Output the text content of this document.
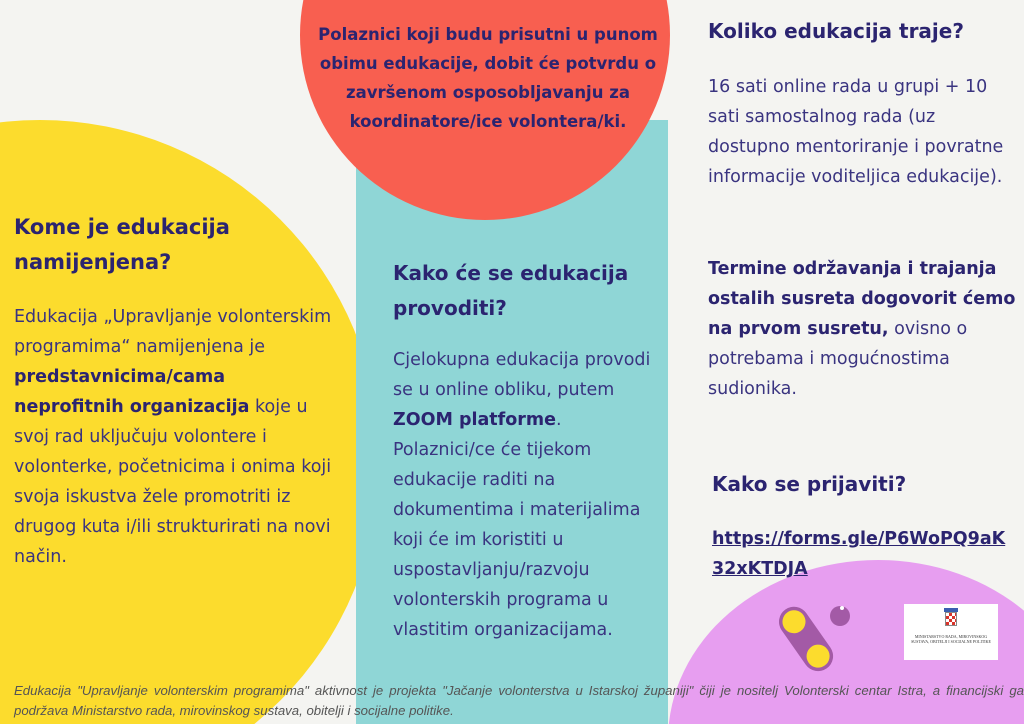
Polaznici koji budu prisutni u punom obimu edukacije, dobit će potvrdu o završenom osposobljavanju za koordinatore/ice volontera/ki.
Kome je edukacija namijenjena?
Edukacija „Upravljanje volonterskim programima“ namijenjena je predstavnicima/cama neprofitnih organizacija koje u svoj rad uključuju volontere i volonterke, početnicima i onima koji svoja iskustva žele promotriti iz drugog kuta i/ili strukturirati na novi način.
Kako će se edukacija provoditi?
Cjelokupna edukacija provodi se u online obliku, putem ZOOM platforme. Polaznici/ce će tijekom edukacije raditi na dokumentima i materijalima koji će im koristiti u uspostavljanju/razvoju volonterskih programa u vlastitim organizacijama.
Koliko edukacija traje?
16 sati online rada u grupi + 10 sati samostalnog rada (uz dostupno mentoriranje i povratne informacije voditeljica edukacije).
Termine održavanja i trajanja ostalih susreta dogovorit ćemo na prvom susretu, ovisno o potrebama i mogućnostima sudionika.
Kako se prijaviti?
https://forms.gle/P6WoPQ9aK32xKTDJA
MINISTARSTVO RADA, MIROVINSKOG SUSTAVA, OBITELJI I SOCIJALNE POLITIKE
Edukacija "Upravljanje volonterskim programima" aktivnost je projekta "Jačanje volonterstva u Istarskoj županiji" čiji je nositelj Volonterski centar Istra, a financijski ga podržava Ministarstvo rada, mirovinskog sustava, obitelji i socijalne politike.
